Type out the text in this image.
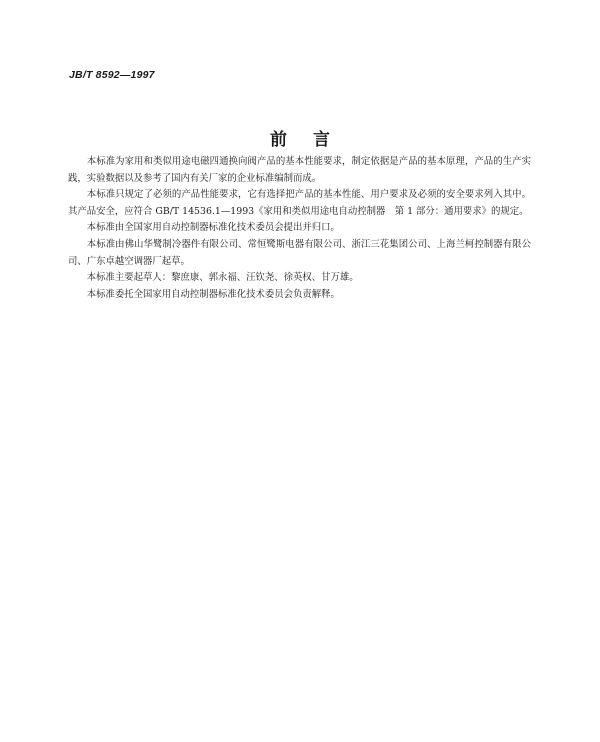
JB/T 8592—1997
前言

本标准为家用和类似用途电磁四通换向阀产品的基本性能要求，制定依据是产品的基本原理，产品的生产实践，实验数据以及参考了国内有关厂家的企业标准编制而成。

本标准只规定了必须的产品性能要求，它有选择把产品的基本性能、用户要求及必须的安全要求列入其中。其产品安全，应符合 GB/T 14536.1—1993《家用和类似用途电自动控制器　第 1 部分：通用要求》的规定。

本标准由全国家用自动控制器标准化技术委员会提出并归口。

本标准由佛山华鹭制冷器件有限公司、常恒鹭斯电器有限公司、浙江三花集团公司、上海兰柯控制器有限公司、广东卓越空调器厂起草。

本标准主要起草人：黎庶康、郭永福、汪钦尧、徐英权、甘万雄。

本标准委托全国家用自动控制器标准化技术委员会负责解释。
